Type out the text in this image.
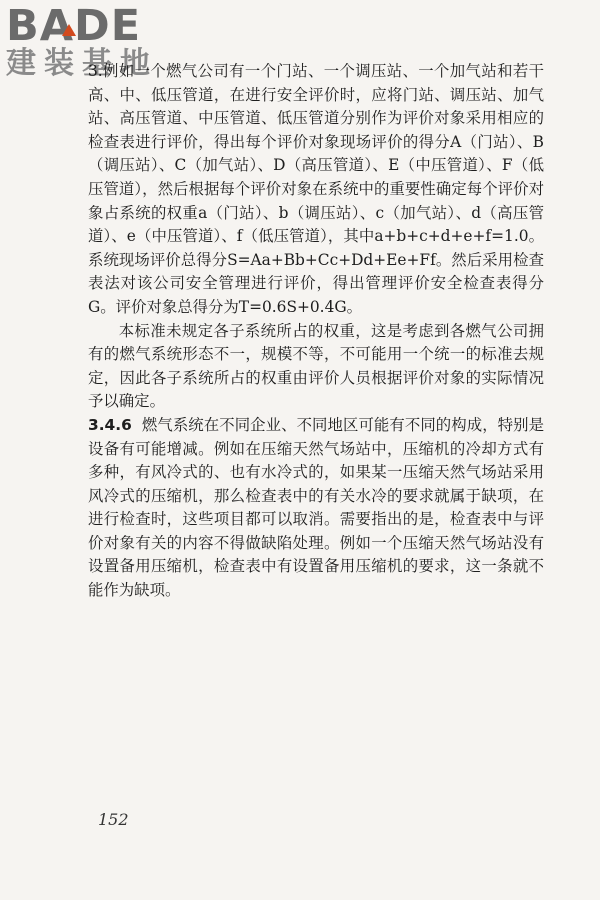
BADE
建装基地

3.例如一个燃气公司有一个门站、一个调压站、一个加气站和若干高、中、低压管道，在进行安全评价时，应将门站、调压站、加气站、高压管道、中压管道、低压管道分别作为评价对象采用相应的检查表进行评价，得出每个评价对象现场评价的得分A（门站）、B（调压站）、C（加气站）、D（高压管道）、E（中压管道）、F（低压管道），然后根据每个评价对象在系统中的重要性确定每个评价对象占系统的权重a（门站）、b（调压站）、c（加气站）、d（高压管道）、e（中压管道）、f（低压管道），其中a+b+c+d+e+f=1.0。系统现场评价总得分S=Aa+Bb+Cc+Dd+Ee+Ff。然后采用检查表法对该公司安全管理进行评价，得出管理评价安全检查表得分G。评价对象总得分为T=0.6S+0.4G。

本标准未规定各子系统所占的权重，这是考虑到各燃气公司拥有的燃气系统形态不一，规模不等，不可能用一个统一的标准去规定，因此各子系统所占的权重由评价人员根据评价对象的实际情况予以确定。

3.4.6 燃气系统在不同企业、不同地区可能有不同的构成，特别是设备有可能增减。例如在压缩天然气场站中，压缩机的冷却方式有多种，有风冷式的、也有水冷式的，如果某一压缩天然气场站采用风冷式的压缩机，那么检查表中的有关水冷的要求就属于缺项，在进行检查时，这些项目都可以取消。需要指出的是，检查表中与评价对象有关的内容不得做缺陷处理。例如一个压缩天然气场站没有设置备用压缩机，检查表中有设置备用压缩机的要求，这一条就不能作为缺项。

152
